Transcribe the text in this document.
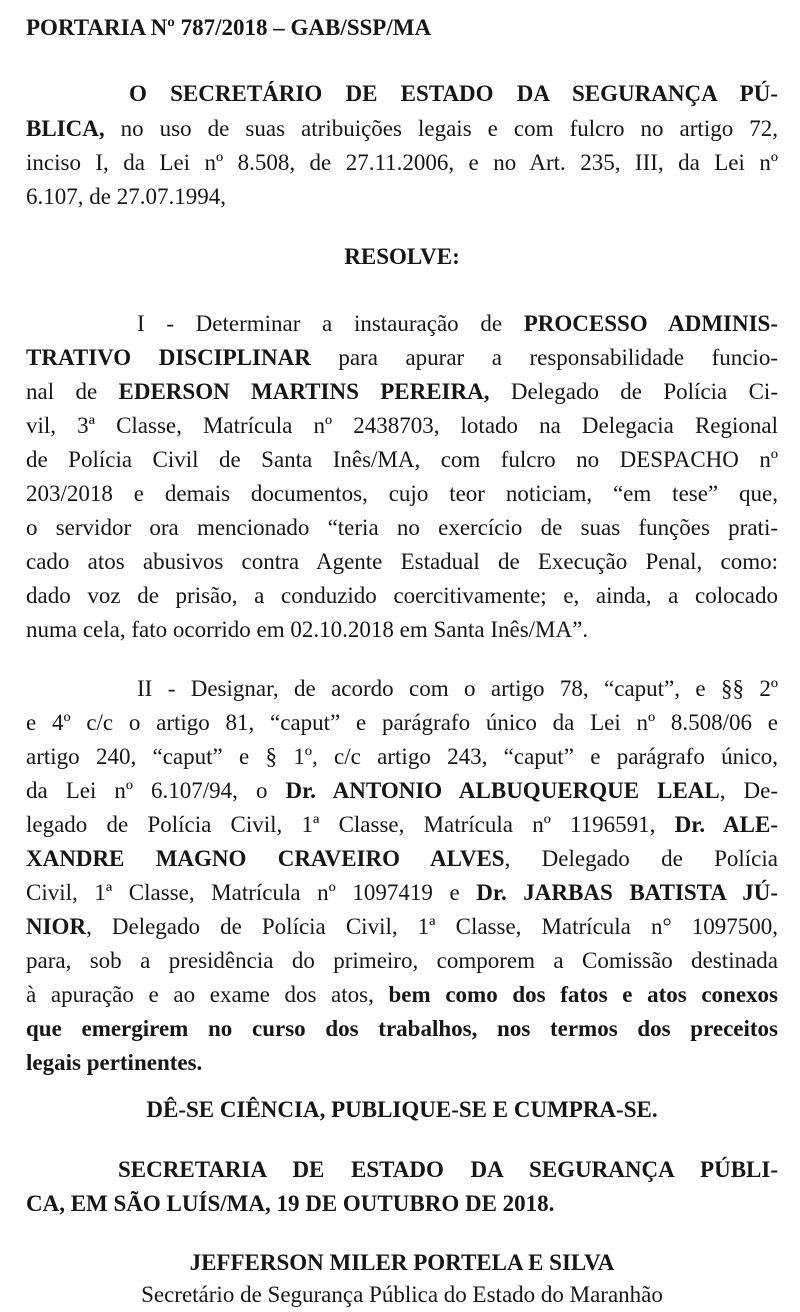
PORTARIA Nº 787/2018 – GAB/SSP/MA
O SECRETÁRIO DE ESTADO DA SEGURANÇA PÚ-
BLICA, no uso de suas atribuições legais e com fulcro no artigo 72,
inciso I, da Lei nº 8.508, de 27.11.2006, e no Art. 235, III, da Lei nº
6.107, de 27.07.1994,
RESOLVE:
I - Determinar a instauração de PROCESSO ADMINIS-
TRATIVO DISCIPLINAR para apurar a responsabilidade funcio-
nal de EDERSON MARTINS PEREIRA, Delegado de Polícia Ci-
vil, 3ª Classe, Matrícula nº 2438703, lotado na Delegacia Regional
de Polícia Civil de Santa Inês/MA, com fulcro no DESPACHO nº
203/2018 e demais documentos, cujo teor noticiam, “em tese” que,
o servidor ora mencionado “teria no exercício de suas funções prati-
cado atos abusivos contra Agente Estadual de Execução Penal, como:
dado voz de prisão, a conduzido coercitivamente; e, ainda, a colocado
numa cela, fato ocorrido em 02.10.2018 em Santa Inês/MA”.
II - Designar, de acordo com o artigo 78, “caput”, e §§ 2º
e 4º c/c o artigo 81, “caput” e parágrafo único da Lei nº 8.508/06 e
artigo 240, “caput” e § 1º, c/c artigo 243, “caput” e parágrafo único,
da Lei nº 6.107/94, o Dr. ANTONIO ALBUQUERQUE LEAL, De-
legado de Polícia Civil, 1ª Classe, Matrícula nº 1196591, Dr. ALE-
XANDRE MAGNO CRAVEIRO ALVES, Delegado de Polícia
Civil, 1ª Classe, Matrícula nº 1097419 e Dr. JARBAS BATISTA JÚ-
NIOR, Delegado de Polícia Civil, 1ª Classe, Matrícula n° 1097500,
para, sob a presidência do primeiro, comporem a Comissão destinada
à apuração e ao exame dos atos, bem como dos fatos e atos conexos
que emergirem no curso dos trabalhos, nos termos dos preceitos
legais pertinentes.
DÊ-SE CIÊNCIA, PUBLIQUE-SE E CUMPRA-SE.
SECRETARIA DE ESTADO DA SEGURANÇA PÚBLI-
CA, EM SÃO LUÍS/MA, 19 DE OUTUBRO DE 2018.
JEFFERSON MILER PORTELA E SILVA
Secretário de Segurança Pública do Estado do Maranhão
